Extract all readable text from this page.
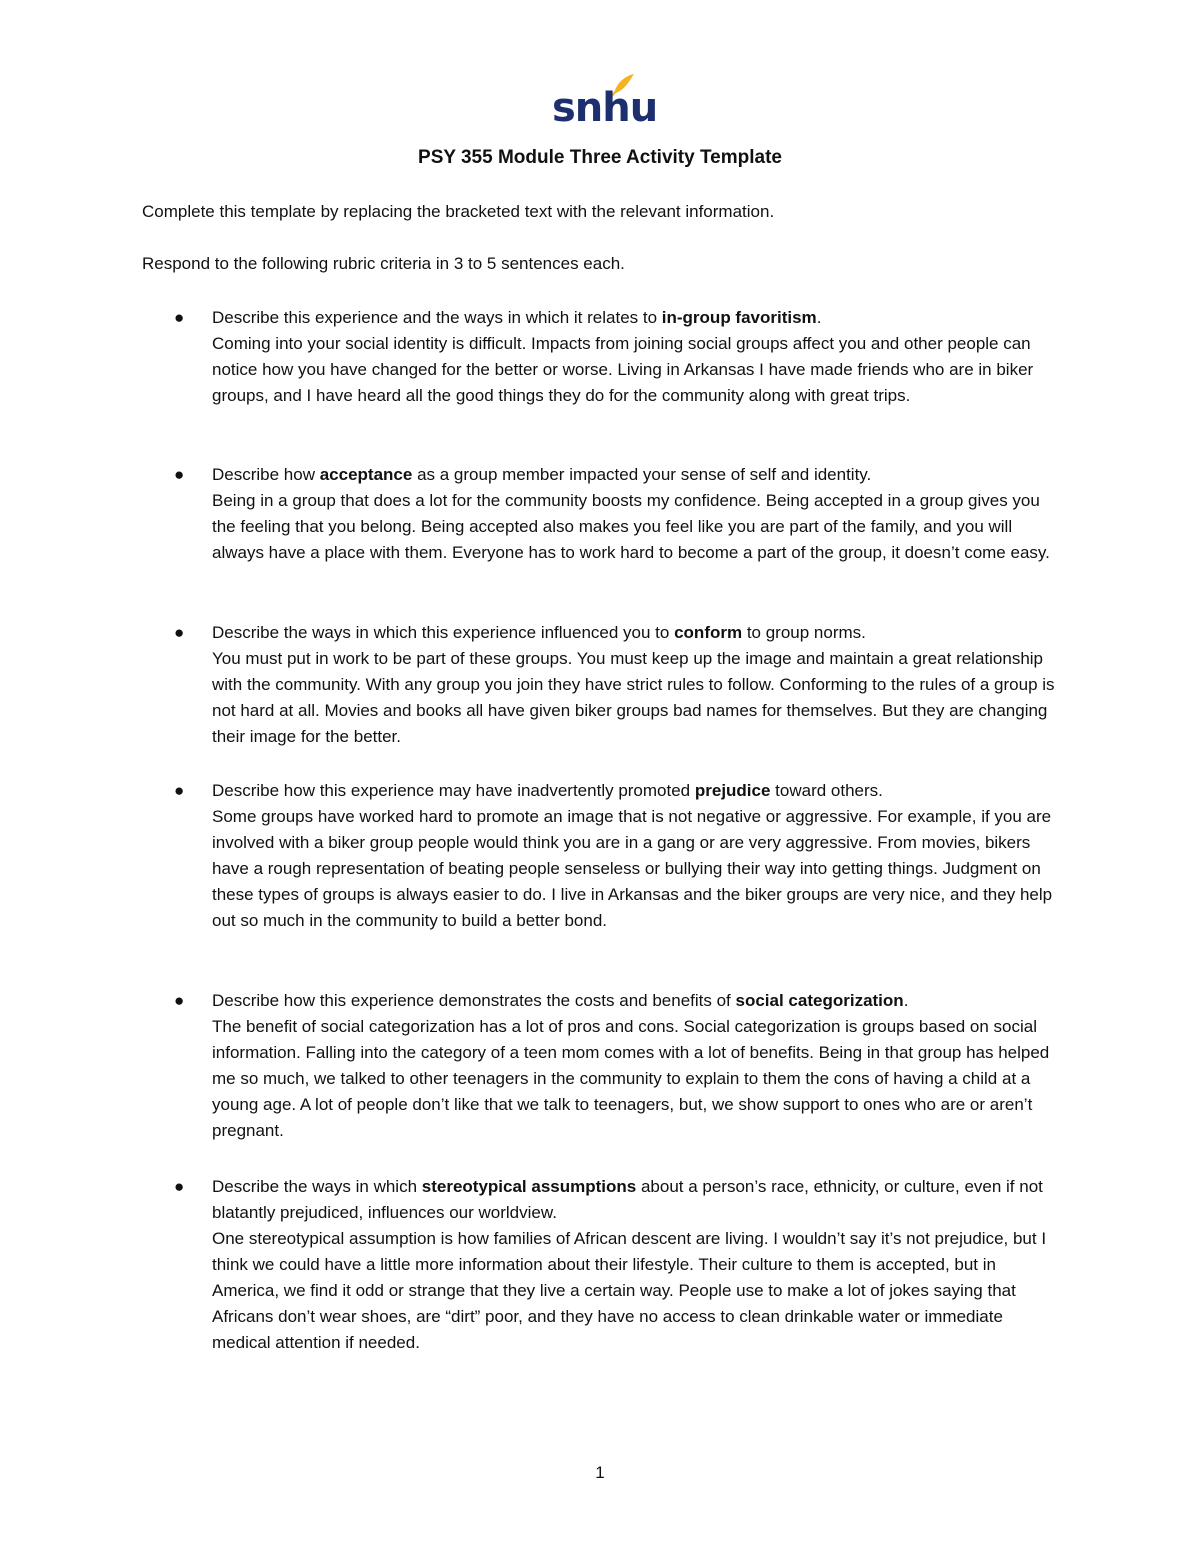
snhu
PSY 355 Module Three Activity Template
Complete this template by replacing the bracketed text with the relevant information.
Respond to the following rubric criteria in 3 to 5 sentences each.
● Describe this experience and the ways in which it relates to in-group favoritism.
Coming into your social identity is difficult. Impacts from joining social groups affect you and other people can notice how you have changed for the better or worse. Living in Arkansas I have made friends who are in biker groups, and I have heard all the good things they do for the community along with great trips.
● Describe how acceptance as a group member impacted your sense of self and identity.
Being in a group that does a lot for the community boosts my confidence. Being accepted in a group gives you the feeling that you belong. Being accepted also makes you feel like you are part of the family, and you will always have a place with them. Everyone has to work hard to become a part of the group, it doesn’t come easy.
● Describe the ways in which this experience influenced you to conform to group norms.
You must put in work to be part of these groups. You must keep up the image and maintain a great relationship with the community. With any group you join they have strict rules to follow. Conforming to the rules of a group is not hard at all. Movies and books all have given biker groups bad names for themselves. But they are changing their image for the better.
● Describe how this experience may have inadvertently promoted prejudice toward others.
Some groups have worked hard to promote an image that is not negative or aggressive. For example, if you are involved with a biker group people would think you are in a gang or are very aggressive. From movies, bikers have a rough representation of beating people senseless or bullying their way into getting things. Judgment on these types of groups is always easier to do. I live in Arkansas and the biker groups are very nice, and they help out so much in the community to build a better bond.
● Describe how this experience demonstrates the costs and benefits of social categorization.
The benefit of social categorization has a lot of pros and cons. Social categorization is groups based on social information. Falling into the category of a teen mom comes with a lot of benefits. Being in that group has helped me so much, we talked to other teenagers in the community to explain to them the cons of having a child at a young age. A lot of people don’t like that we talk to teenagers, but, we show support to ones who are or aren’t pregnant.
● Describe the ways in which stereotypical assumptions about a person’s race, ethnicity, or culture, even if not blatantly prejudiced, influences our worldview.
One stereotypical assumption is how families of African descent are living. I wouldn’t say it’s not prejudice, but I think we could have a little more information about their lifestyle. Their culture to them is accepted, but in America, we find it odd or strange that they live a certain way. People use to make a lot of jokes saying that Africans don’t wear shoes, are “dirt” poor, and they have no access to clean drinkable water or immediate medical attention if needed.
1
